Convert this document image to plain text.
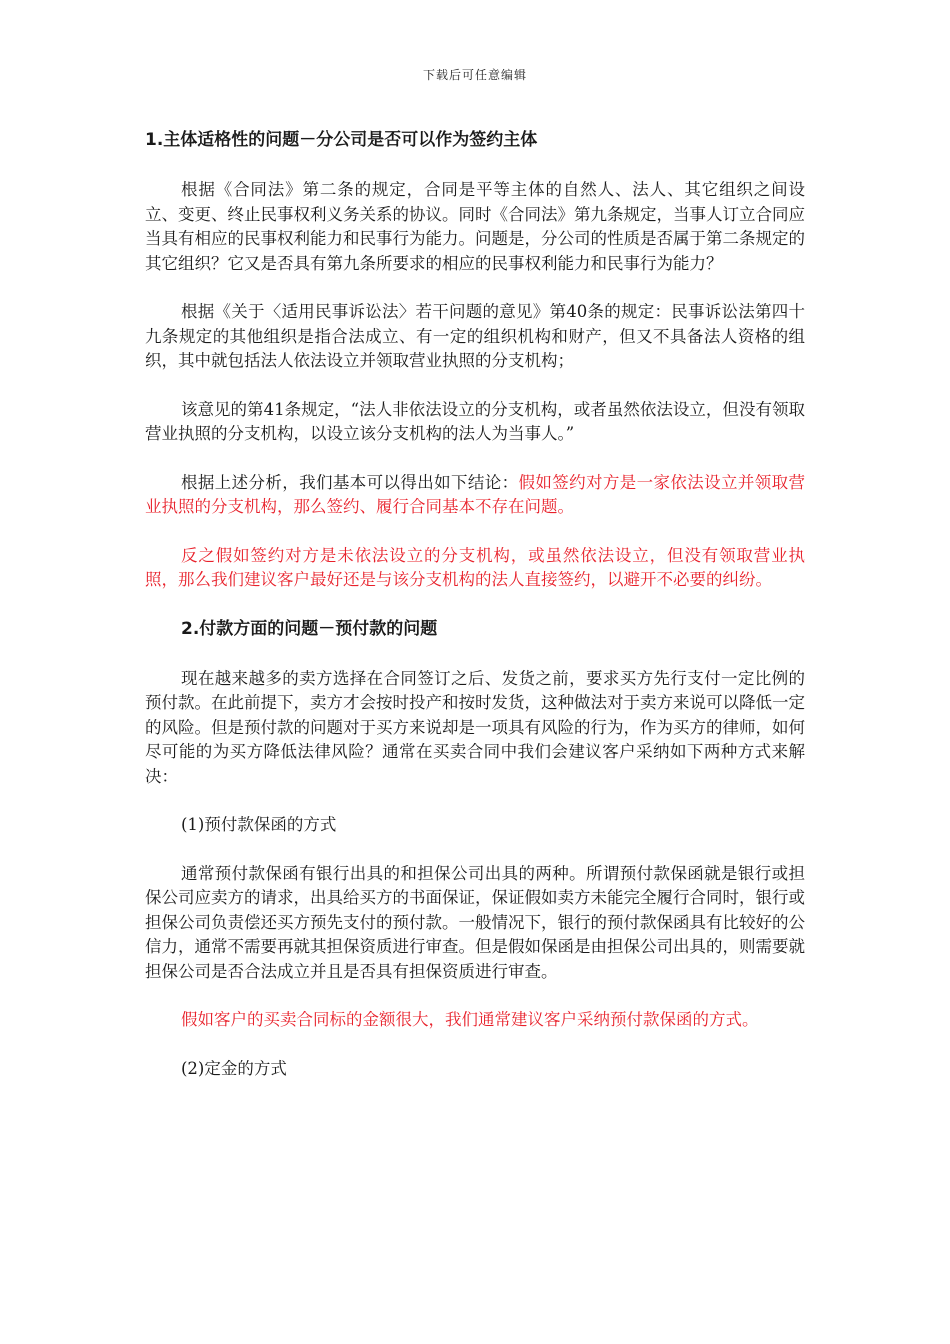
下载后可任意编辑
1.主体适格性的问题－分公司是否可以作为签约主体

根据《合同法》第二条的规定，合同是平等主体的自然人、法人、其它组织之间设立、变更、终止民事权利义务关系的协议。同时《合同法》第九条规定，当事人订立合同应当具有相应的民事权利能力和民事行为能力。问题是，分公司的性质是否属于第二条规定的其它组织？它又是否具有第九条所要求的相应的民事权利能力和民事行为能力？

根据《关于〈适用民事诉讼法〉若干问题的意见》第40条的规定：民事诉讼法第四十九条规定的其他组织是指合法成立、有一定的组织机构和财产，但又不具备法人资格的组织，其中就包括法人依法设立并领取营业执照的分支机构；

该意见的第41条规定，“法人非依法设立的分支机构，或者虽然依法设立，但没有领取营业执照的分支机构，以设立该分支机构的法人为当事人。”

根据上述分析，我们基本可以得出如下结论：假如签约对方是一家依法设立并领取营业执照的分支机构，那么签约、履行合同基本不存在问题。

反之假如签约对方是未依法设立的分支机构，或虽然依法设立，但没有领取营业执照，那么我们建议客户最好还是与该分支机构的法人直接签约，以避开不必要的纠纷。

2.付款方面的问题－预付款的问题

现在越来越多的卖方选择在合同签订之后、发货之前，要求买方先行支付一定比例的预付款。在此前提下，卖方才会按时投产和按时发货，这种做法对于卖方来说可以降低一定的风险。但是预付款的问题对于买方来说却是一项具有风险的行为，作为买方的律师，如何尽可能的为买方降低法律风险？通常在买卖合同中我们会建议客户采纳如下两种方式来解决：

(1)预付款保函的方式

通常预付款保函有银行出具的和担保公司出具的两种。所谓预付款保函就是银行或担保公司应卖方的请求，出具给买方的书面保证，保证假如卖方未能完全履行合同时，银行或担保公司负责偿还买方预先支付的预付款。一般情况下，银行的预付款保函具有比较好的公信力，通常不需要再就其担保资质进行审查。但是假如保函是由担保公司出具的，则需要就担保公司是否合法成立并且是否具有担保资质进行审查。

假如客户的买卖合同标的金额很大，我们通常建议客户采纳预付款保函的方式。

(2)定金的方式
